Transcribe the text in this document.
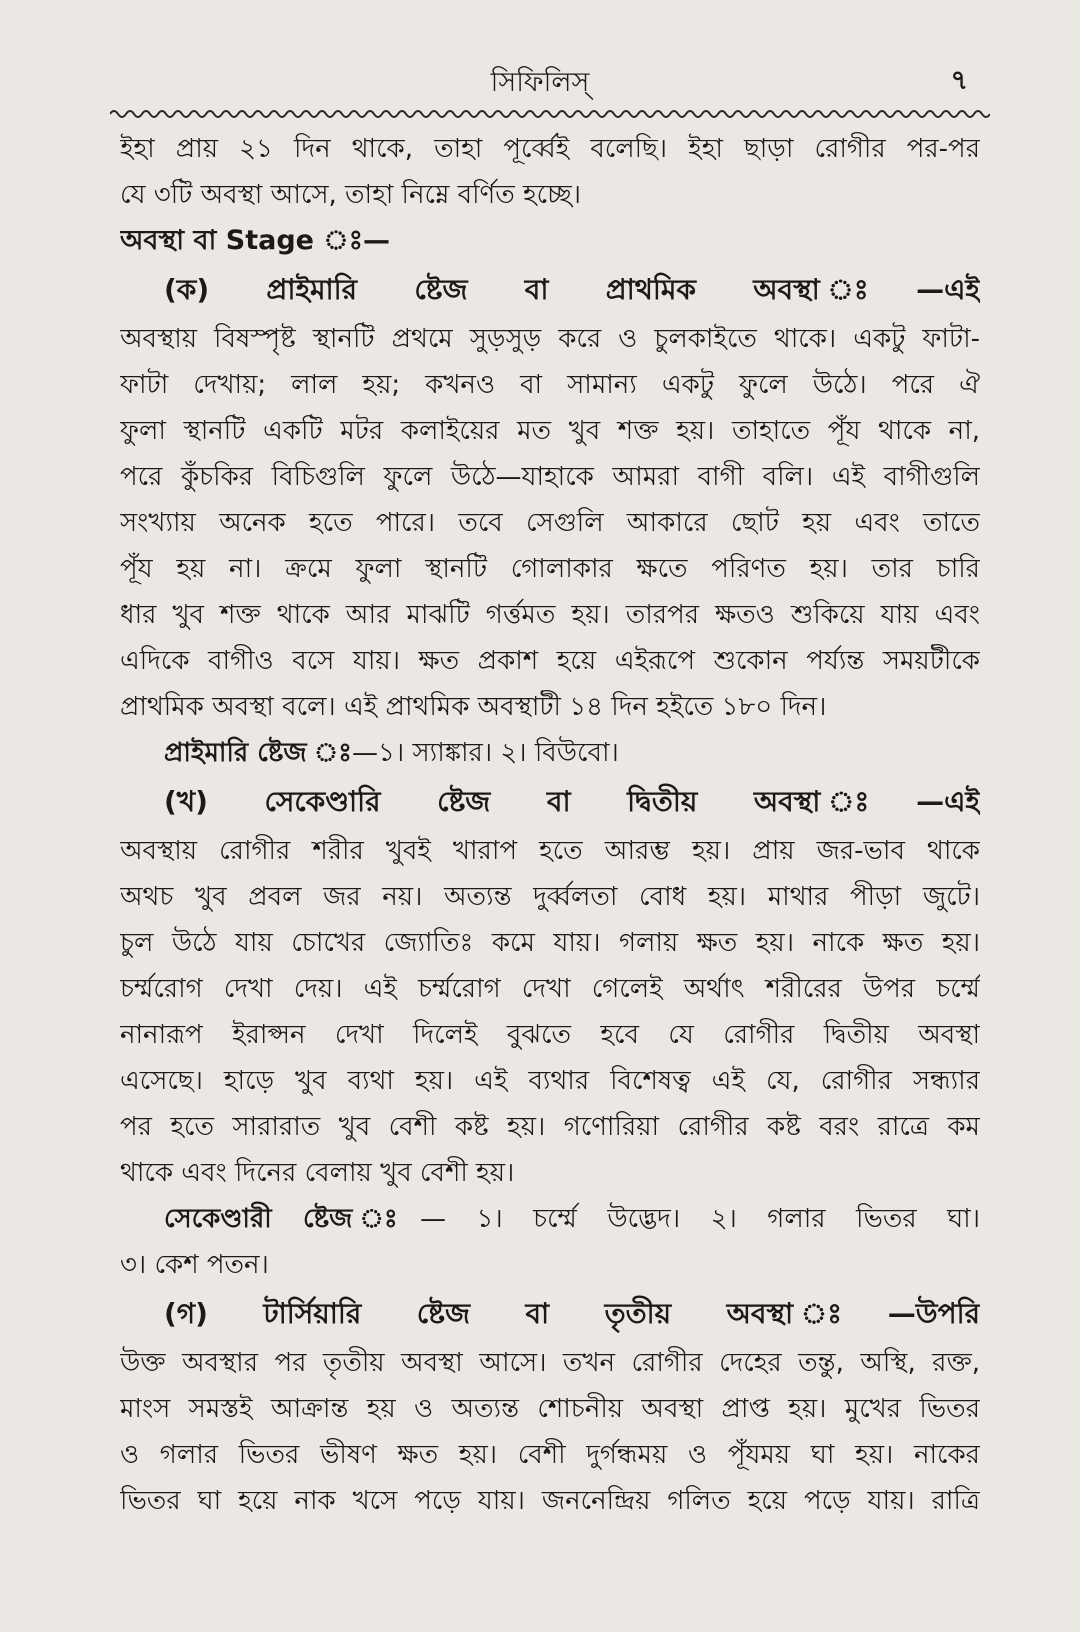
সিফিলিস্	৭
ইহা প্রায় ২১ দিন থাকে, তাহা পূর্ব্বেই বলেছি। ইহা ছাড়া রোগীর পর-পর
যে ৩টি অবস্থা আসে, তাহা নিম্নে বর্ণিত হচ্ছে।
অবস্থা বা Stage ঃ—
(ক) প্রাইমারি ষ্টেজ বা প্রাথমিক অবস্থা ঃ—এই
অবস্থায় বিষস্পৃষ্ট স্থানটি প্রথমে সুড়সুড় করে ও চুলকাইতে থাকে। একটু ফাটা-
ফাটা দেখায়; লাল হয়; কখনও বা সামান্য একটু ফুলে উঠে। পরে ঐ
ফুলা স্থানটি একটি মটর কলাইয়ের মত খুব শক্ত হয়। তাহাতে পূঁয থাকে না,
পরে কুঁচকির বিচিগুলি ফুলে উঠে—যাহাকে আমরা বাগী বলি। এই বাগীগুলি
সংখ্যায় অনেক হতে পারে। তবে সেগুলি আকারে ছোট হয় এবং তাতে
পূঁয হয় না। ক্রমে ফুলা স্থানটি গোলাকার ক্ষতে পরিণত হয়। তার চারি
ধার খুব শক্ত থাকে আর মাঝটি গর্ত্তমত হয়। তারপর ক্ষতও শুকিয়ে যায় এবং
এদিকে বাগীও বসে যায়। ক্ষত প্রকাশ হয়ে এইরূপে শুকোন পর্য্যন্ত সময়টীকে
প্রাথমিক অবস্থা বলে। এই প্রাথমিক অবস্থাটী ১৪ দিন হইতে ১৮০ দিন।
প্রাইমারি ষ্টেজ ঃ—১। স্যাঙ্কার। ২। বিউবো।
(খ) সেকেণ্ডারি ষ্টেজ বা দ্বিতীয় অবস্থা ঃ—এই
অবস্থায় রোগীর শরীর খুবই খারাপ হতে আরম্ভ হয়। প্রায় জর-ভাব থাকে
অথচ খুব প্রবল জর নয়। অত্যন্ত দুর্ব্বলতা বোধ হয়। মাথার পীড়া জুটে।
চুল উঠে যায় চোখের জ্যোতিঃ কমে যায়। গলায় ক্ষত হয়। নাকে ক্ষত হয়।
চর্ম্মরোগ দেখা দেয়। এই চর্ম্মরোগ দেখা গেলেই অর্থাৎ শরীরের উপর চর্ম্মে
নানারূপ ইরাপ্সন দেখা দিলেই বুঝতে হবে যে রোগীর দ্বিতীয় অবস্থা
এসেছে। হাড়ে খুব ব্যথা হয়। এই ব্যথার বিশেষত্ব এই যে, রোগীর সন্ধ্যার
পর হতে সারারাত খুব বেশী কষ্ট হয়। গণোরিয়া রোগীর কষ্ট বরং রাত্রে কম
থাকে এবং দিনের বেলায় খুব বেশী হয়।
সেকেণ্ডারী ষ্টেজ ঃ— ১। চর্ম্মে উদ্ভেদ। ২। গলার ভিতর ঘা।
৩। কেশ পতন।
(গ) টার্সিয়ারি ষ্টেজ বা তৃতীয় অবস্থা ঃ—উপরি
উক্ত অবস্থার পর তৃতীয় অবস্থা আসে। তখন রোগীর দেহের তন্তু, অস্থি, রক্ত,
মাংস সমস্তই আক্রান্ত হয় ও অত্যন্ত শোচনীয় অবস্থা প্রাপ্ত হয়। মুখের ভিতর
ও গলার ভিতর ভীষণ ক্ষত হয়। বেশী দুর্গন্ধময় ও পূঁযময় ঘা হয়। নাকের
ভিতর ঘা হয়ে নাক খসে পড়ে যায়। জননেন্দ্রিয় গলিত হয়ে পড়ে যায়। রাত্রি
